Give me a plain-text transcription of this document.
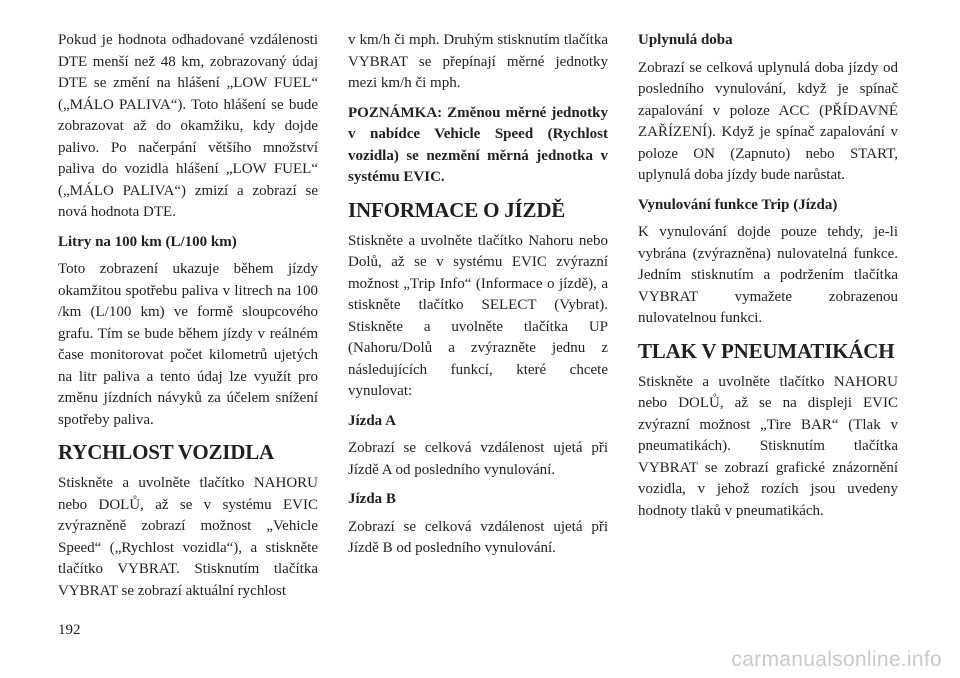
Pokud je hodnota odhadované vzdálenosti DTE menší než 48 km, zobrazovaný údaj DTE se změní na hlášení „LOW FUEL“ („MÁLO PALIVA“). Toto hlášení se bude zobrazovat až do okamžiku, kdy dojde palivo. Po načerpání většího množství paliva do vozidla hlášení „LOW FUEL“ („MÁLO PALIVA“) zmizí a zobrazí se nová hodnota DTE.

Litry na 100 km (L/100 km)

Toto zobrazení ukazuje během jízdy okamžitou spotřebu paliva v litrech na 100 /km (L/100 km) ve formě sloupcového grafu. Tím se bude během jízdy v reálném čase monitorovat počet kilometrů ujetých na litr paliva a tento údaj lze využít pro změnu jízdních návyků za účelem snížení spotřeby paliva.

RYCHLOST VOZIDLA

Stiskněte a uvolněte tlačítko NAHORU nebo DOLŮ, až se v systému EVIC zvýrazněně zobrazí možnost „Vehicle Speed“ („Rychlost vozidla“), a stiskněte tlačítko VYBRAT. Stisknutím tlačítka VYBRAT se zobrazí aktuální rychlost

v km/h či mph. Druhým stisknutím tlačítka VYBRAT se přepínají měrné jednotky mezi km/h či mph.

POZNÁMKA: Změnou měrné jednotky v nabídce Vehicle Speed (Rychlost vozidla) se nezmění měrná jednotka v systému EVIC.

INFORMACE O JÍZDĚ

Stiskněte a uvolněte tlačítko Nahoru nebo Dolů, až se v systému EVIC zvýrazní možnost „Trip Info“ (Informace o jízdě), a stiskněte tlačítko SELECT (Vybrat). Stiskněte a uvolněte tlačítka UP (Nahoru/Dolů a zvýrazněte jednu z následujících funkcí, které chcete vynulovat:

Jízda A

Zobrazí se celková vzdálenost ujetá při Jízdě A od posledního vynulování.

Jízda B

Zobrazí se celková vzdálenost ujetá při Jízdě B od posledního vynulování.

Uplynulá doba

Zobrazí se celková uplynulá doba jízdy od posledního vynulování, když je spínač zapalování v poloze ACC (PŘÍDAVNÉ ZAŘÍZENÍ). Když je spínač zapalování v poloze ON (Zapnuto) nebo START, uplynulá doba jízdy bude narůstat.

Vynulování funkce Trip (Jízda)

K vynulování dojde pouze tehdy, je-li vybrána (zvýrazněna) nulovatelná funkce. Jedním stisknutím a podržením tlačítka VYBRAT vymažete zobrazenou nulovatelnou funkci.

TLAK V PNEUMATIKÁCH

Stiskněte a uvolněte tlačítko NAHORU nebo DOLŮ, až se na displeji EVIC zvýrazní možnost „Tire BAR“ (Tlak v pneumatikách). Stisknutím tlačítka VYBRAT se zobrazí grafické znázornění vozidla, v jehož rozích jsou uvedeny hodnoty tlaků v pneumatikách.

192
carmanualsonline.info
